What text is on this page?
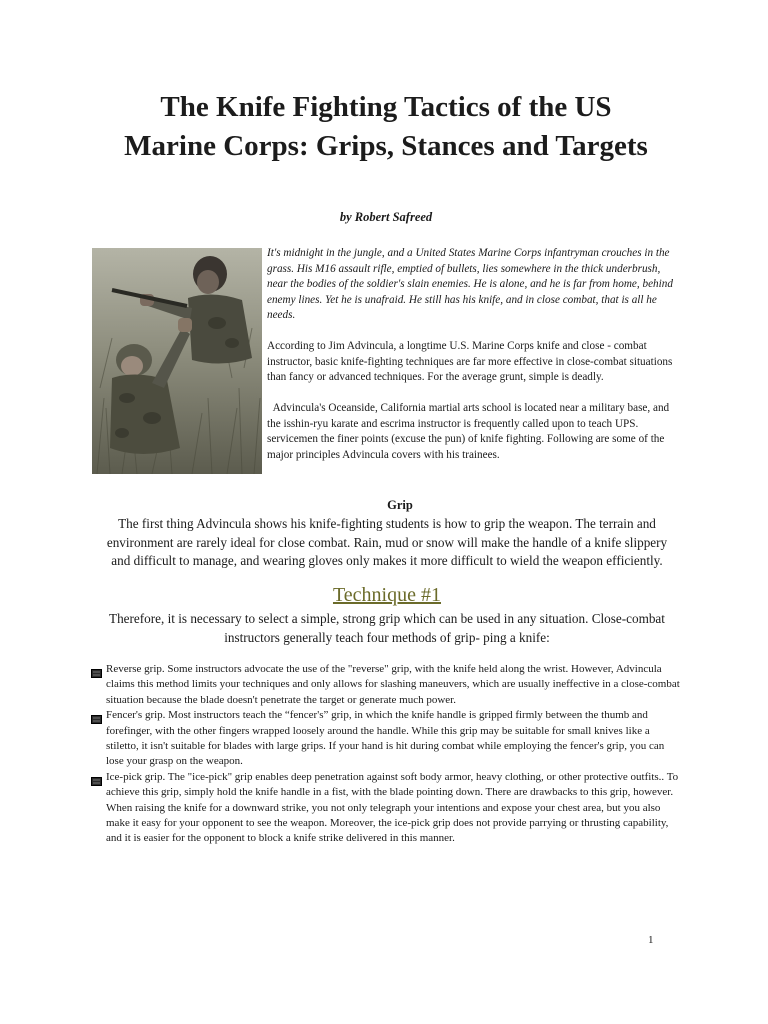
The Knife Fighting Tactics of the US Marine Corps: Grips, Stances and Targets
by Robert Safreed

It's midnight in the jungle, and a United States Marine Corps infantryman crouches in the grass. His M16 assault rifle, emptied of bullets, lies somewhere in the thick underbrush, near the bodies of the soldier's slain enemies. He is alone, and he is far from home, behind enemy lines. Yet he is unafraid. He still has his knife, and in close combat, that is all he needs.

According to Jim Advincula, a longtime U.S. Marine Corps knife and close - combat instructor, basic knife-fighting techniques are far more effective in close-combat situations than fancy or advanced techniques. For the average grunt, simple is deadly.

Advincula's Oceanside, California martial arts school is located near a military base, and the isshin-ryu karate and escrima instructor is frequently called upon to teach UPS. servicemen the finer points (excuse the pun) of knife fighting. Following are some of the major principles Advincula covers with his trainees.

Grip

The first thing Advincula shows his knife-fighting students is how to grip the weapon. The terrain and environment are rarely ideal for close combat. Rain, mud or snow will make the handle of a knife slippery and difficult to manage, and wearing gloves only makes it more difficult to wield the weapon efficiently.

Technique #1

Therefore, it is necessary to select a simple, strong grip which can be used in any situation. Close-combat instructors generally teach four methods of grip- ping a knife:

Reverse grip. Some instructors advocate the use of the "reverse" grip, with the knife held along the wrist. However, Advincula claims this method limits your techniques and only allows for slashing maneuvers, which are usually ineffective in a close-combat situation because the blade doesn't penetrate the target or generate much power.
Fencer's grip. Most instructors teach the “fencer's” grip, in which the knife handle is gripped firmly between the thumb and forefinger, with the other fingers wrapped loosely around the handle. While this grip may be suitable for small knives like a stiletto, it isn't suitable for blades with large grips. If your hand is hit during combat while employing the fencer's grip, you can lose your grasp on the weapon.
Ice-pick grip. The "ice-pick" grip enables deep penetration against soft body armor, heavy clothing, or other protective outfits.. To achieve this grip, simply hold the knife handle in a fist, with the blade pointing down. There are drawbacks to this grip, however. When raising the knife for a downward strike, you not only telegraph your intentions and expose your chest area, but you also make it easy for your opponent to see the weapon. Moreover, the ice-pick grip does not provide parrying or thrusting capability, and it is easier for the opponent to block a knife strike delivered in this manner.
1
